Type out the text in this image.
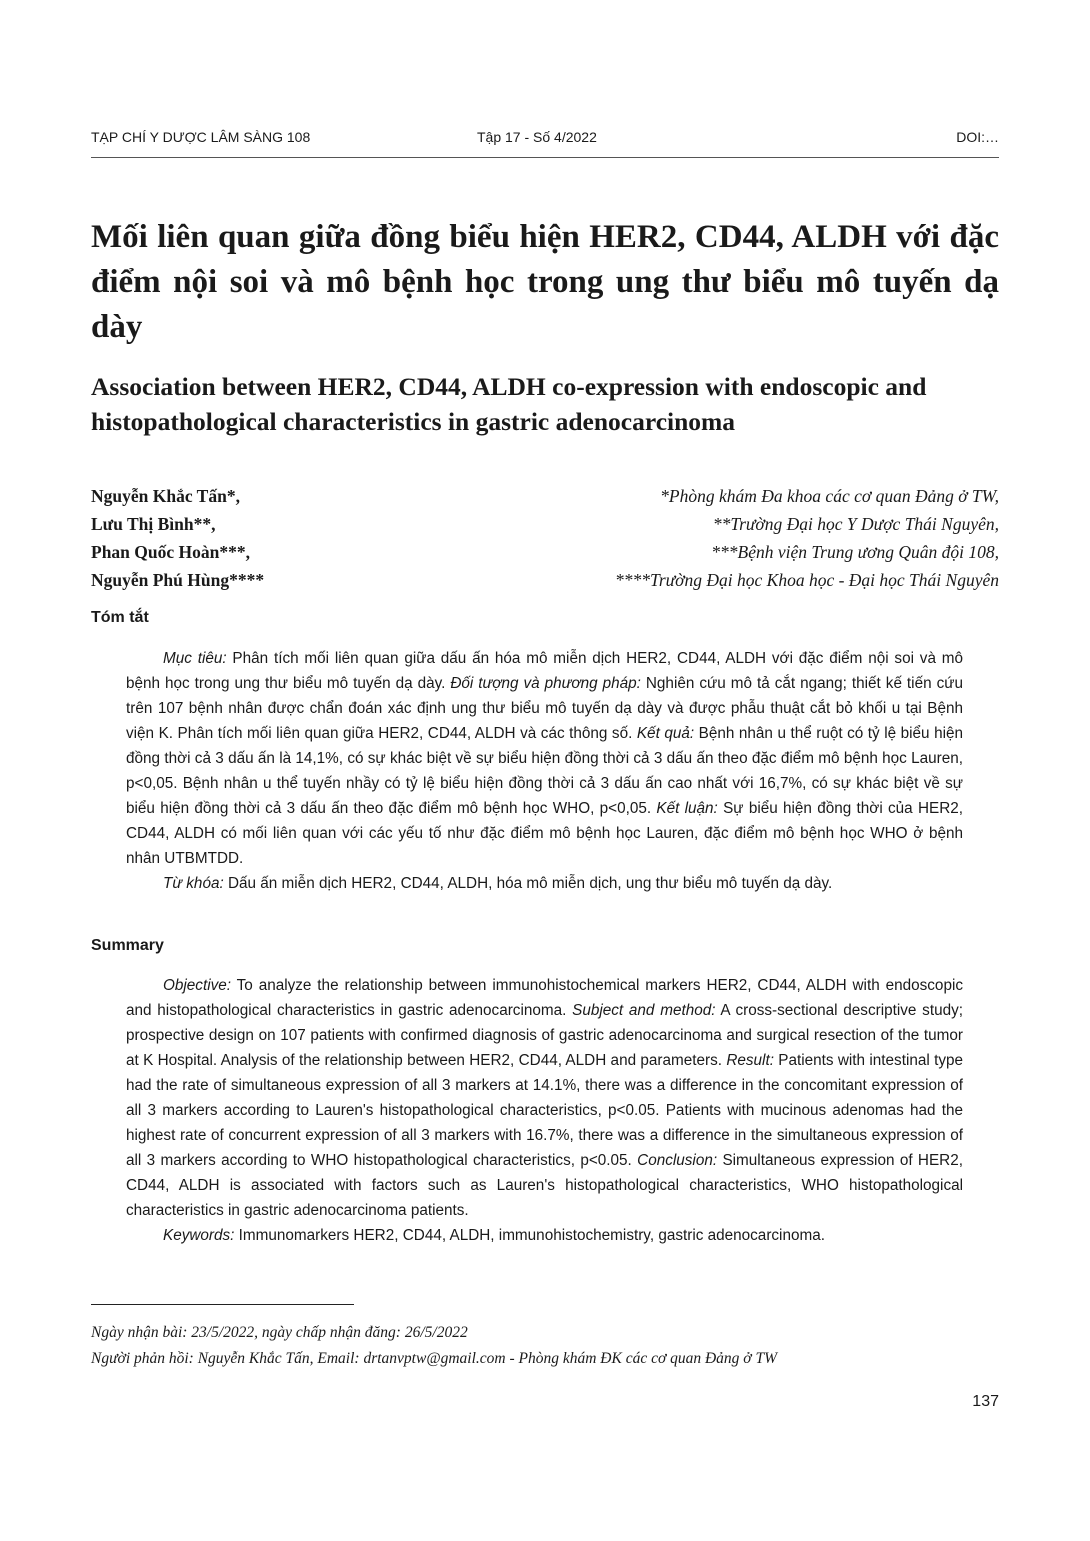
TẠP CHÍ Y DƯỢC LÂM SÀNG 108	Tập 17 - Số 4/2022	DOI:…
Mối liên quan giữa đồng biểu hiện HER2, CD44, ALDH với đặc điểm nội soi và mô bệnh học trong ung thư biểu mô tuyến dạ dày
Association between HER2, CD44, ALDH co-expression with endoscopic and histopathological characteristics in gastric adenocarcinoma
Nguyễn Khắc Tấn*,	*Phòng khám Đa khoa các cơ quan Đảng ở TW,
Lưu Thị Bình**,	**Trường Đại học Y Dược Thái Nguyên,
Phan Quốc Hoàn***,	***Bệnh viện Trung ương Quân đội 108,
Nguyễn Phú Hùng****	****Trường Đại học Khoa học - Đại học Thái Nguyên
Tóm tắt

Mục tiêu: Phân tích mối liên quan giữa dấu ấn hóa mô miễn dịch HER2, CD44, ALDH với đặc điểm nội soi và mô bệnh học trong ung thư biểu mô tuyến dạ dày. Đối tượng và phương pháp: Nghiên cứu mô tả cắt ngang; thiết kế tiến cứu trên 107 bệnh nhân được chẩn đoán xác định ung thư biểu mô tuyến dạ dày và được phẫu thuật cắt bỏ khối u tại Bệnh viện K. Phân tích mối liên quan giữa HER2, CD44, ALDH và các thông số. Kết quả: Bệnh nhân u thể ruột có tỷ lệ biểu hiện đồng thời cả 3 dấu ấn là 14,1%, có sự khác biệt về sự biểu hiện đồng thời cả 3 dấu ấn theo đặc điểm mô bệnh học Lauren, p<0,05. Bệnh nhân u thể tuyến nhầy có tỷ lệ biểu hiện đồng thời cả 3 dấu ấn cao nhất với 16,7%, có sự khác biệt về sự biểu hiện đồng thời cả 3 dấu ấn theo đặc điểm mô bệnh học WHO, p<0,05. Kết luận: Sự biểu hiện đồng thời của HER2, CD44, ALDH có mối liên quan với các yếu tố như đặc điểm mô bệnh học Lauren, đặc điểm mô bệnh học WHO ở bệnh nhân UTBMTDD.

Từ khóa: Dấu ấn miễn dịch HER2, CD44, ALDH, hóa mô miễn dịch, ung thư biểu mô tuyến dạ dày.

Summary

Objective: To analyze the relationship between immunohistochemical markers HER2, CD44, ALDH with endoscopic and histopathological characteristics in gastric adenocarcinoma. Subject and method: A cross-sectional descriptive study; prospective design on 107 patients with confirmed diagnosis of gastric adenocarcinoma and surgical resection of the tumor at K Hospital. Analysis of the relationship between HER2, CD44, ALDH and parameters. Result: Patients with intestinal type had the rate of simultaneous expression of all 3 markers at 14.1%, there was a difference in the concomitant expression of all 3 markers according to Lauren's histopathological characteristics, p<0.05. Patients with mucinous adenomas had the highest rate of concurrent expression of all 3 markers with 16.7%, there was a difference in the simultaneous expression of all 3 markers according to WHO histopathological characteristics, p<0.05. Conclusion: Simultaneous expression of HER2, CD44, ALDH is associated with factors such as Lauren's histopathological characteristics, WHO histopathological characteristics in gastric adenocarcinoma patients.

Keywords: Immunomarkers HER2, CD44, ALDH, immunohistochemistry, gastric adenocarcinoma.

Ngày nhận bài: 23/5/2022, ngày chấp nhận đăng: 26/5/2022
Người phản hồi: Nguyễn Khắc Tấn, Email: drtanvptw@gmail.com - Phòng khám ĐK các cơ quan Đảng ở TW
137
